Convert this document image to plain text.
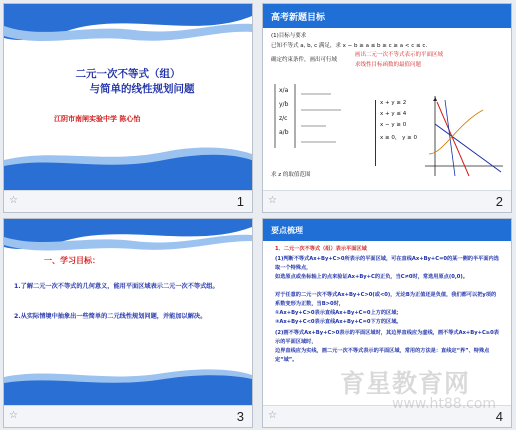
二元一次不等式（组）
与简单的线性规划问题
江阴市南闸实验中学 陈心怡
☆	1
高考新题目标
(1)目标与要求
已知不等式 a, b, c 满足，求 x − b ≥ a ≤ b ≥ c ≥ a < c ≤ c.
确定约束条件，画出可行域
画出二元一次不等式表示的平面区域
求线性目标函数的最值问题
x/a
y/b
z/c
a/b
x + y ≥ 2
x + y ≤ 4
x − y ≥ 0
x ≥ 0， y ≥ 0
求 z 的取值范围
☆	2
一、学习目标：
1.了解二元一次不等式的几何意义，能用平面区域表示二元一次不等式组。
2.从实际情境中抽象出一些简单的二元线性规划问题，并能加以解决。
☆	3
要点梳理
1．二元一次不等式（组）表示平面区域
(1)判断不等式Ax+By+C>0所表示的平面区域，可在直线Ax+By+C=0的某一侧的半平面内选取一个特殊点，
如选原点或坐标轴上的点来验证Ax+By+C的正负，当C≠0时，常选用原点(0,0)。
对于任意的二元一次不等式Ax+By+C>0(或<0)，无论B为正值还是负值，我们都可以把y项的系数变形为正数，当B>0时，
①Ax+By+C>0表示直线Ax+By+C=0上方的区域；
②Ax+By+C<0表示直线Ax+By+C=0下方的区域。
(2)画不等式Ax+By+C>0表示的平面区域时，其边界直线应为虚线，画不等式Ax+By+C≥0表示的平面区域时，
边界直线应为实线，画二元一次不等式表示的平面区域，常用的方法是：直线定“界”、特殊点定“域”。
☆	4
育星教育网
www.ht88.com
